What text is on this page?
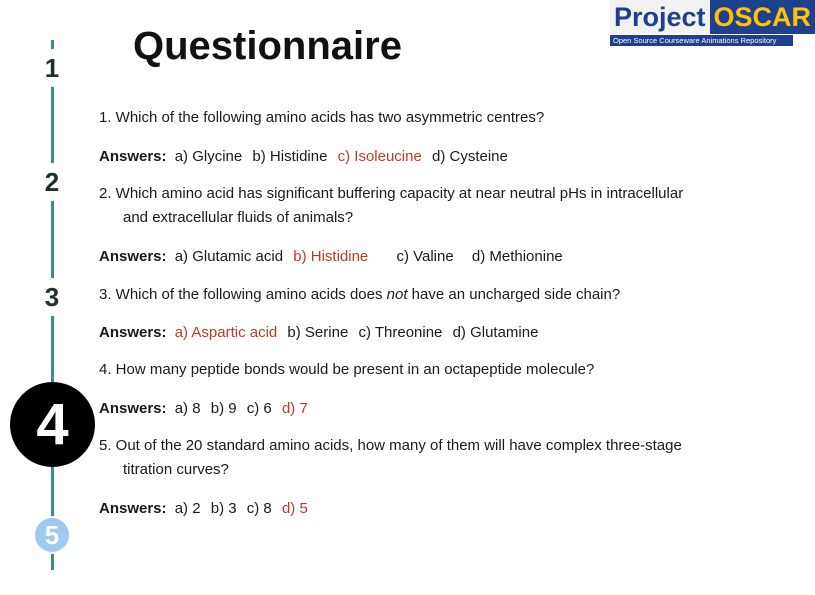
1
2
3
4
5
Questionnaire
Project OSCAR
Open Source Courseware Animations Repository
1. Which of the following amino acids has two asymmetric centres?
Answers: a) Glycine b) Histidine c) Isoleucine d) Cysteine
2. Which amino acid has significant buffering capacity at near neutral pHs in intracellular
and extracellular fluids of animals?
Answers: a) Glutamic acid b) Histidine c) Valine d) Methionine
3. Which of the following amino acids does not have an uncharged side chain?
Answers: a) Aspartic acid b) Serine c) Threonine d) Glutamine
4. How many peptide bonds would be present in an octapeptide molecule?
Answers: a) 8 b) 9 c) 6 d) 7
5. Out of the 20 standard amino acids, how many of them will have complex three-stage
titration curves?
Answers: a) 2 b) 3 c) 8 d) 5
